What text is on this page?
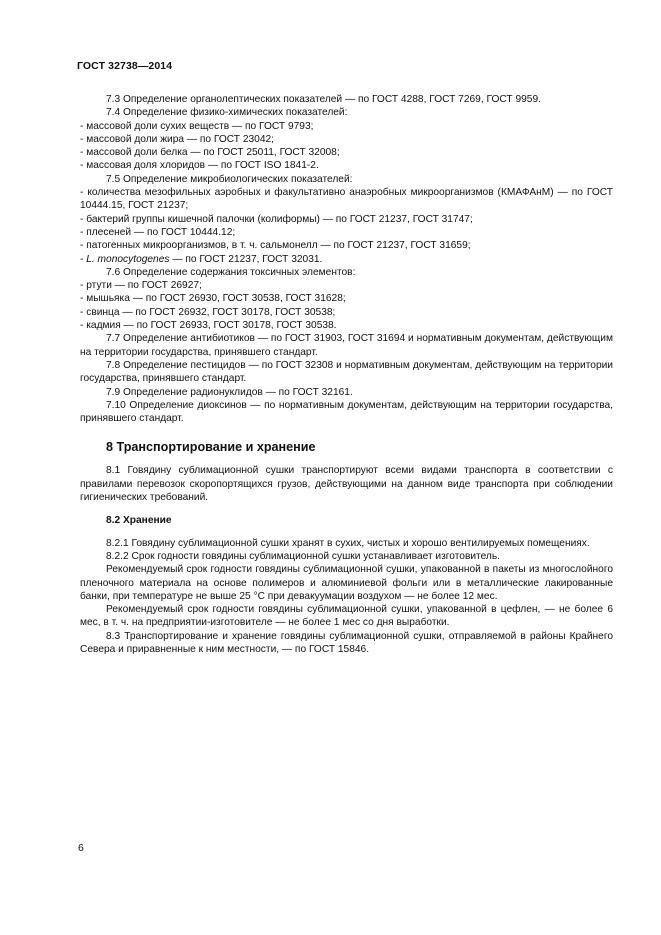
ГОСТ 32738—2014

7.3 Определение органолептических показателей — по ГОСТ 4288, ГОСТ 7269, ГОСТ 9959.

7.4 Определение физико-химических показателей:

- массовой доли сухих веществ — по ГОСТ 9793;

- массовой доли жира — по ГОСТ 23042;

- массовой доли белка — по ГОСТ 25011, ГОСТ 32008;

- массовая доля хлоридов — по ГОСТ ISO 1841-2.

7.5 Определение микробиологических показателей:

- количества мезофильных аэробных и факультативно анаэробных микроорганизмов (КМАФАнМ) — по ГОСТ 10444.15, ГОСТ 21237;

- бактерий группы кишечной палочки (колиформы) — по ГОСТ 21237, ГОСТ 31747;

- плесеней — по ГОСТ 10444.12;

- патогенных микроорганизмов, в т. ч. сальмонелл — по ГОСТ 21237, ГОСТ 31659;

- L. monocytogenes — по ГОСТ 21237, ГОСТ 32031.

7.6 Определение содержания токсичных элементов:

- ртути — по ГОСТ 26927;

- мышьяка — по ГОСТ 26930, ГОСТ 30538, ГОСТ 31628;

- свинца — по ГОСТ 26932, ГОСТ 30178, ГОСТ 30538;

- кадмия — по ГОСТ 26933, ГОСТ 30178, ГОСТ 30538.

7.7 Определение антибиотиков — по ГОСТ 31903, ГОСТ 31694 и нормативным документам, действующим на территории государства, принявшего стандарт.

7.8 Определение пестицидов — по ГОСТ 32308 и нормативным документам, действующим на территории государства, принявшего стандарт.

7.9 Определение радионуклидов — по ГОСТ 32161.

7.10 Определение диоксинов — по нормативным документам, действующим на территории государства, принявшего стандарт.

8 Транспортирование и хранение

8.1 Говядину сублимационной сушки транспортируют всеми видами транспорта в соответствии с правилами перевозок скоропортящихся грузов, действующими на данном виде транспорта при соблюдении гигиенических требований.

8.2 Хранение

8.2.1 Говядину сублимационной сушки хранят в сухих, чистых и хорошо вентилируемых помещениях.

8.2.2 Срок годности говядины сублимационной сушки устанавливает изготовитель.

Рекомендуемый срок годности говядины сублимационной сушки, упакованной в пакеты из многослойного пленочного материала на основе полимеров и алюминиевой фольги или в металлические лакированные банки, при температуре не выше 25 °С при девакуумации воздухом — не более 12 мес.

Рекомендуемый срок годности говядины сублимационной сушки, упакованной в цефлен, — не более 6 мес, в т. ч. на предприятии-изготовителе — не более 1 мес со дня выработки.

8.3 Транспортирование и хранение говядины сублимационной сушки, отправляемой в районы Крайнего Севера и приравненные к ним местности, — по ГОСТ 15846.

6
